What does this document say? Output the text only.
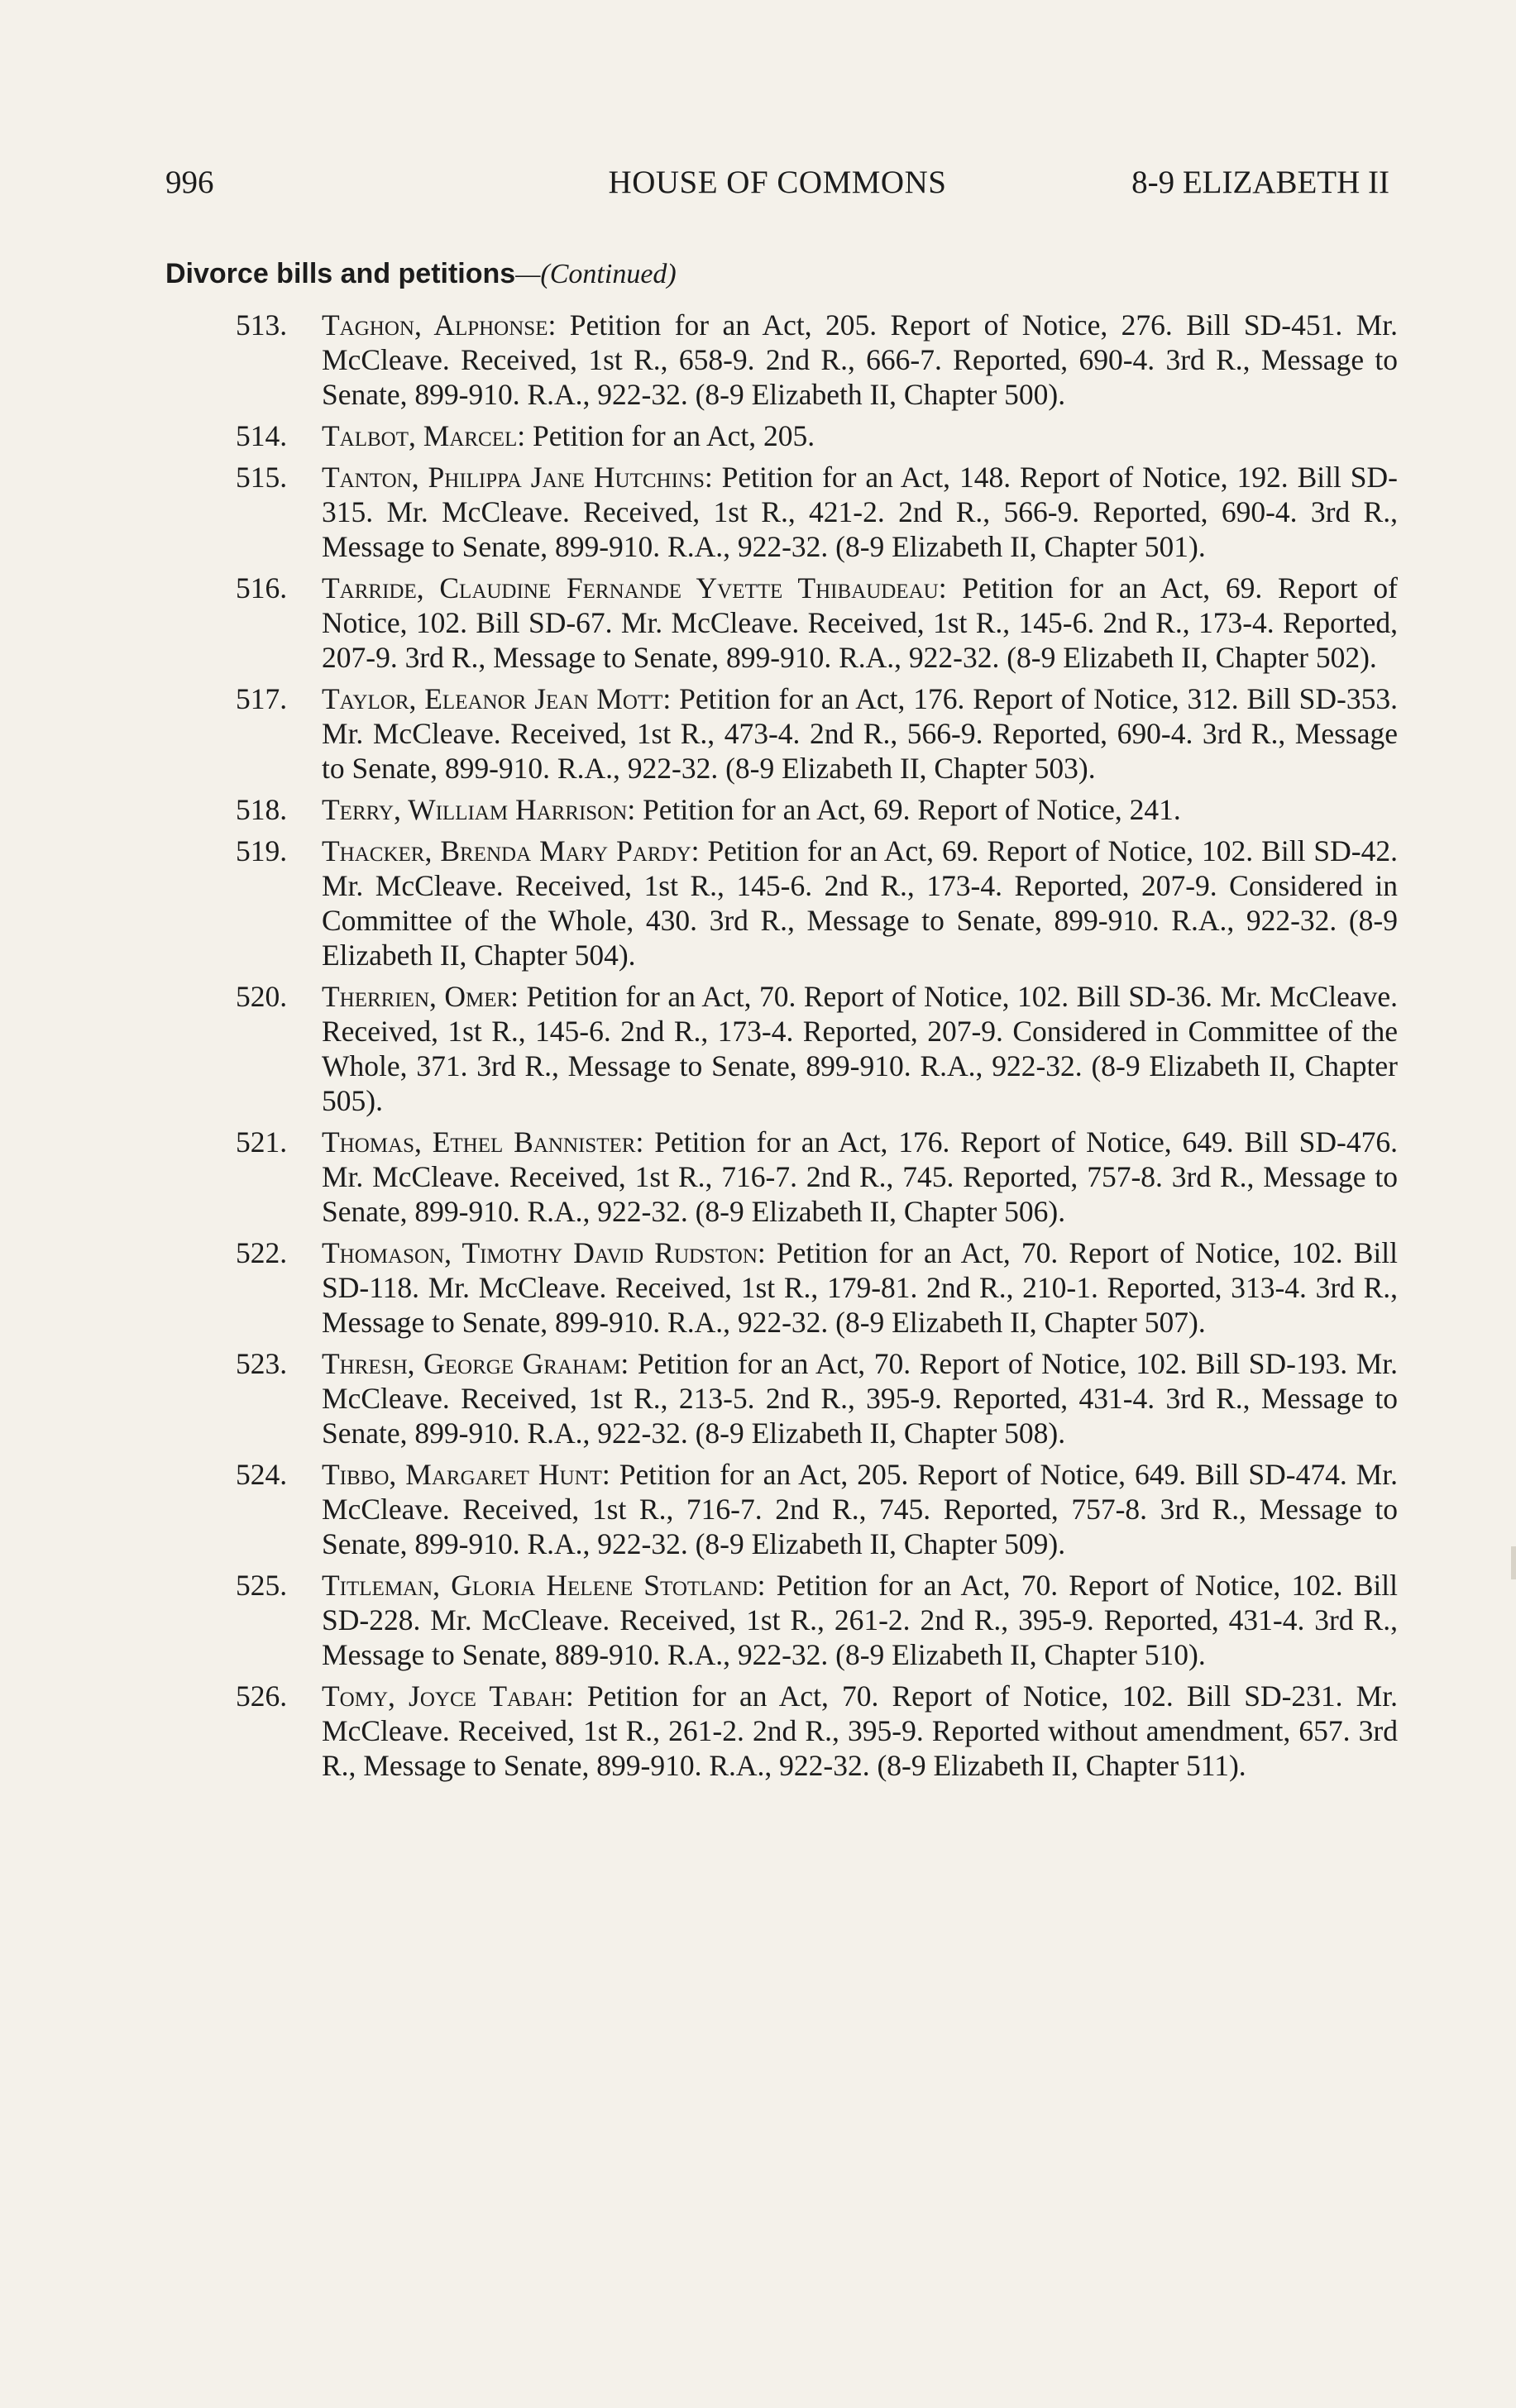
996	HOUSE OF COMMONS	8-9 ELIZABETH II
Divorce bills and petitions—(Continued)
513. Taghon, Alphonse: Petition for an Act, 205. Report of Notice, 276. Bill SD-451. Mr. McCleave. Received, 1st R., 658-9. 2nd R., 666-7. Reported, 690-4. 3rd R., Message to Senate, 899-910. R.A., 922-32. (8-9 Elizabeth II, Chapter 500).
514. Talbot, Marcel: Petition for an Act, 205.
515. Tanton, Philippa Jane Hutchins: Petition for an Act, 148. Report of Notice, 192. Bill SD-315. Mr. McCleave. Received, 1st R., 421-2. 2nd R., 566-9. Reported, 690-4. 3rd R., Message to Senate, 899-910. R.A., 922-32. (8-9 Elizabeth II, Chapter 501).
516. Tarride, Claudine Fernande Yvette Thibaudeau: Petition for an Act, 69. Report of Notice, 102. Bill SD-67. Mr. McCleave. Received, 1st R., 145-6. 2nd R., 173-4. Reported, 207-9. 3rd R., Message to Senate, 899-910. R.A., 922-32. (8-9 Elizabeth II, Chapter 502).
517. Taylor, Eleanor Jean Mott: Petition for an Act, 176. Report of Notice, 312. Bill SD-353. Mr. McCleave. Received, 1st R., 473-4. 2nd R., 566-9. Reported, 690-4. 3rd R., Message to Senate, 899-910. R.A., 922-32. (8-9 Elizabeth II, Chapter 503).
518. Terry, William Harrison: Petition for an Act, 69. Report of Notice, 241.
519. Thacker, Brenda Mary Pardy: Petition for an Act, 69. Report of Notice, 102. Bill SD-42. Mr. McCleave. Received, 1st R., 145-6. 2nd R., 173-4. Reported, 207-9. Considered in Committee of the Whole, 430. 3rd R., Message to Senate, 899-910. R.A., 922-32. (8-9 Elizabeth II, Chapter 504).
520. Therrien, Omer: Petition for an Act, 70. Report of Notice, 102. Bill SD-36. Mr. McCleave. Received, 1st R., 145-6. 2nd R., 173-4. Reported, 207-9. Considered in Committee of the Whole, 371. 3rd R., Message to Senate, 899-910. R.A., 922-32. (8-9 Elizabeth II, Chapter 505).
521. Thomas, Ethel Bannister: Petition for an Act, 176. Report of Notice, 649. Bill SD-476. Mr. McCleave. Received, 1st R., 716-7. 2nd R., 745. Reported, 757-8. 3rd R., Message to Senate, 899-910. R.A., 922-32. (8-9 Elizabeth II, Chapter 506).
522. Thomason, Timothy David Rudston: Petition for an Act, 70. Report of Notice, 102. Bill SD-118. Mr. McCleave. Received, 1st R., 179-81. 2nd R., 210-1. Reported, 313-4. 3rd R., Message to Senate, 899-910. R.A., 922-32. (8-9 Elizabeth II, Chapter 507).
523. Thresh, George Graham: Petition for an Act, 70. Report of Notice, 102. Bill SD-193. Mr. McCleave. Received, 1st R., 213-5. 2nd R., 395-9. Reported, 431-4. 3rd R., Message to Senate, 899-910. R.A., 922-32. (8-9 Elizabeth II, Chapter 508).
524. Tibbo, Margaret Hunt: Petition for an Act, 205. Report of Notice, 649. Bill SD-474. Mr. McCleave. Received, 1st R., 716-7. 2nd R., 745. Reported, 757-8. 3rd R., Message to Senate, 899-910. R.A., 922-32. (8-9 Elizabeth II, Chapter 509).
525. Titleman, Gloria Helene Stotland: Petition for an Act, 70. Report of Notice, 102. Bill SD-228. Mr. McCleave. Received, 1st R., 261-2. 2nd R., 395-9. Reported, 431-4. 3rd R., Message to Senate, 889-910. R.A., 922-32. (8-9 Elizabeth II, Chapter 510).
526. Tomy, Joyce Tabah: Petition for an Act, 70. Report of Notice, 102. Bill SD-231. Mr. McCleave. Received, 1st R., 261-2. 2nd R., 395-9. Reported without amendment, 657. 3rd R., Message to Senate, 899-910. R.A., 922-32. (8-9 Elizabeth II, Chapter 511).
